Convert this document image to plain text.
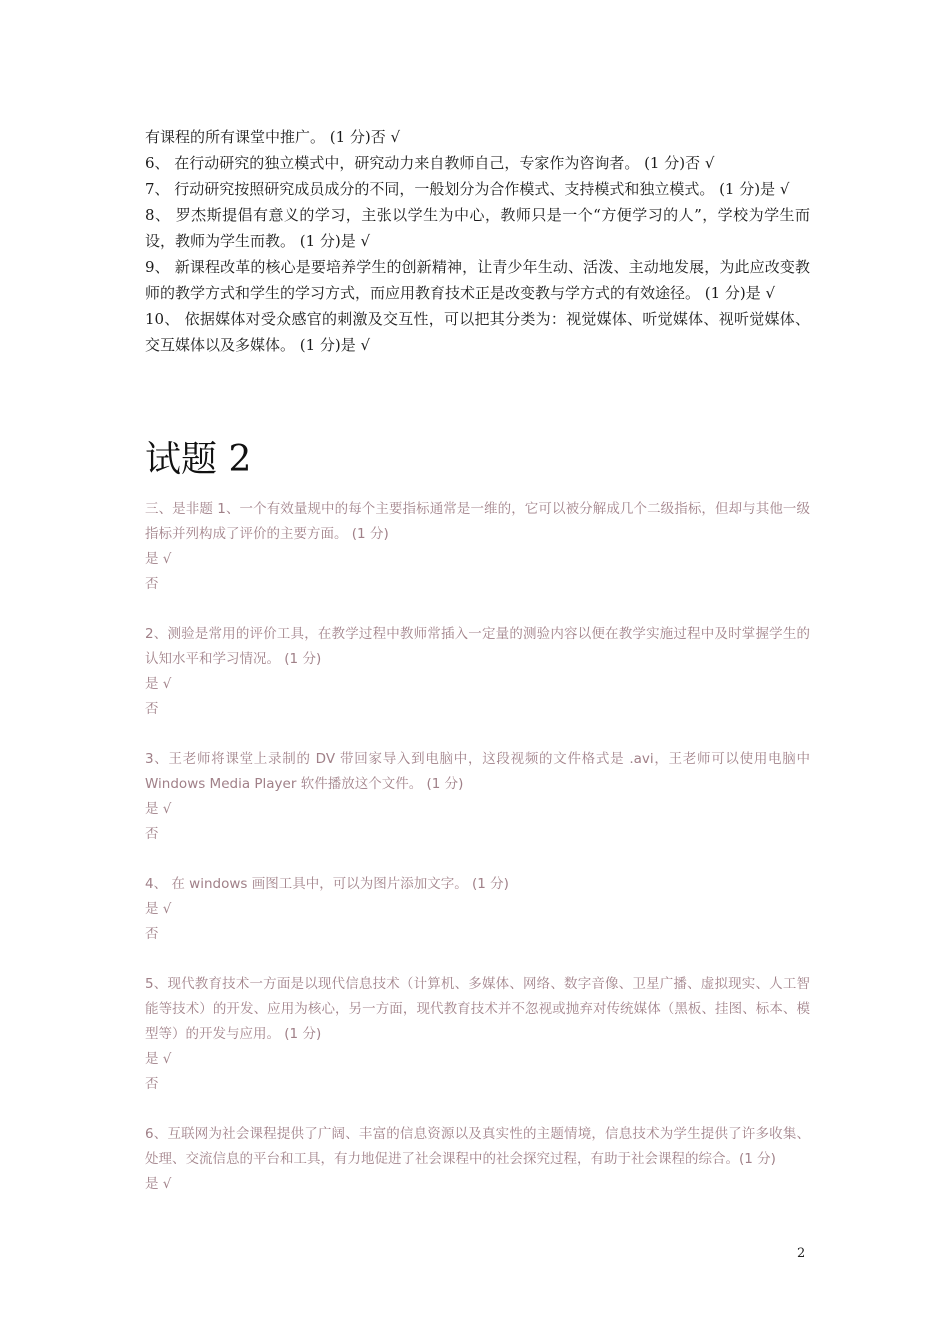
有课程的所有课堂中推广。 (1 分)否 √

6、 在行动研究的独立模式中，研究动力来自教师自己，专家作为咨询者。 (1 分)否 √

7、 行动研究按照研究成员成分的不同，一般划分为合作模式、支持模式和独立模式。 (1 分)是 √

8、 罗杰斯提倡有意义的学习，主张以学生为中心，教师只是一个“方便学习的人”，学校为学生而设，教师为学生而教。 (1 分)是 √

9、 新课程改革的核心是要培养学生的创新精神，让青少年生动、活泼、主动地发展，为此应改变教师的教学方式和学生的学习方式，而应用教育技术正是改变教与学方式的有效途径。 (1 分)是 √

10、 依据媒体对受众感官的刺激及交互性，可以把其分类为：视觉媒体、听觉媒体、视听觉媒体、交互媒体以及多媒体。 (1 分)是 √

试题 2

三、是非题 1、一个有效量规中的每个主要指标通常是一维的，它可以被分解成几个二级指标，但却与其他一级指标并列构成了评价的主要方面。 (1 分)

是 √

否

2、测验是常用的评价工具，在教学过程中教师常插入一定量的测验内容以便在教学实施过程中及时掌握学生的认知水平和学习情况。 (1 分)

是 √

否

3、王老师将课堂上录制的 DV 带回家导入到电脑中，这段视频的文件格式是 .avi，王老师可以使用电脑中 Windows Media Player 软件播放这个文件。 (1 分)

是 √

否

4、 在 windows 画图工具中，可以为图片添加文字。 (1 分)

是 √

否

5、现代教育技术一方面是以现代信息技术（计算机、多媒体、网络、数字音像、卫星广播、虚拟现实、人工智能等技术）的开发、应用为核心，另一方面，现代教育技术并不忽视或抛弃对传统媒体（黑板、挂图、标本、模型等）的开发与应用。 (1 分)

是 √

否

6、互联网为社会课程提供了广阔、丰富的信息资源以及真实性的主题情境，信息技术为学生提供了许多收集、处理、交流信息的平台和工具，有力地促进了社会课程中的社会探究过程，有助于社会课程的综合。(1 分)

是 √

2
